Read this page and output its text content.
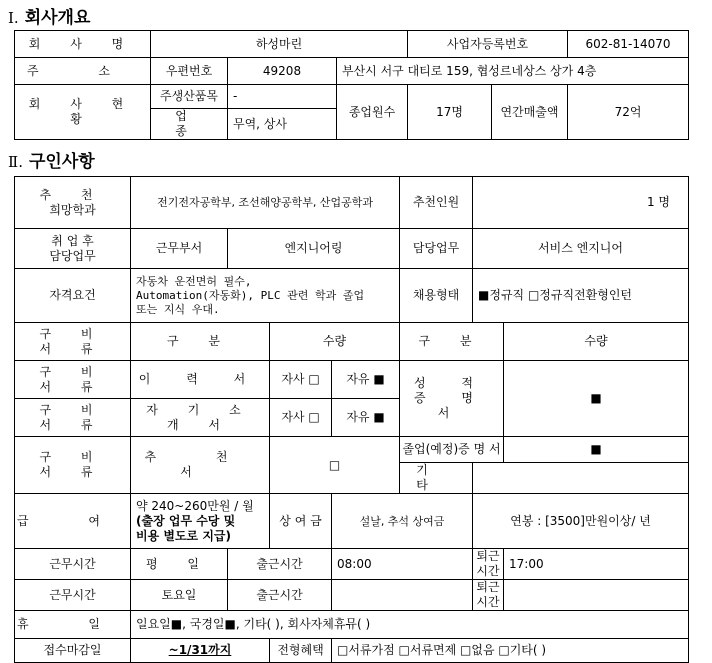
Ⅰ. 회사개요
회 사 명	하성마린			사업자등록번호		602-81-14070
주 소	우편번호	49208	부산시 서구 대티로 159, 협성르네상스 상가 4층			
회 사 현 황	주생산품목	-	종업원수	17명	연간매출액	72억
	업 종	무역, 상사				
Ⅱ. 구인사항
추 천
희망학과	전기전자공학부, 조선해양공학부, 산업공학과				추천인원	1 명	
취 업 후
담당업무	근무부서	엔지니어링			담당업무	서비스 엔지니어	
자격요건	자동차 운전면허 필수,
Automation(자동화), PLC 관련 학과 졸업
또는 지식 우대.				채용형태	■정규직 □정규직전환형인턴	
구 비
서 류	구 분		수량		구 분		수량
구 비
서 류	이 력 서		자사 □	자유 ■	성 적 증 명 서		■
구 비
서 류	자 기 소 개 서		자사 □	자유 ■			
구 비
서 류	추 천 서		□		졸업(예정)증 명 서		■
					기 타		
급 여	약 240~260만원 / 월
(출장 업무 수당 및
비용 별도로 지급)		상 여 금	설날, 추석 상여금		연봉 : [3500]만원이상/ 년	
근무시간	평 일	출근시간		08:00		퇴근시간	17:00
근무시간	토요일	출근시간				퇴근시간	
휴 일	일요일■, 국경일■, 기타( ), 회사자체휴뮤( )						
접수마감일	~1/31까지		전형혜택	□서류가점 □서류면제 □없음 □기타( )			
